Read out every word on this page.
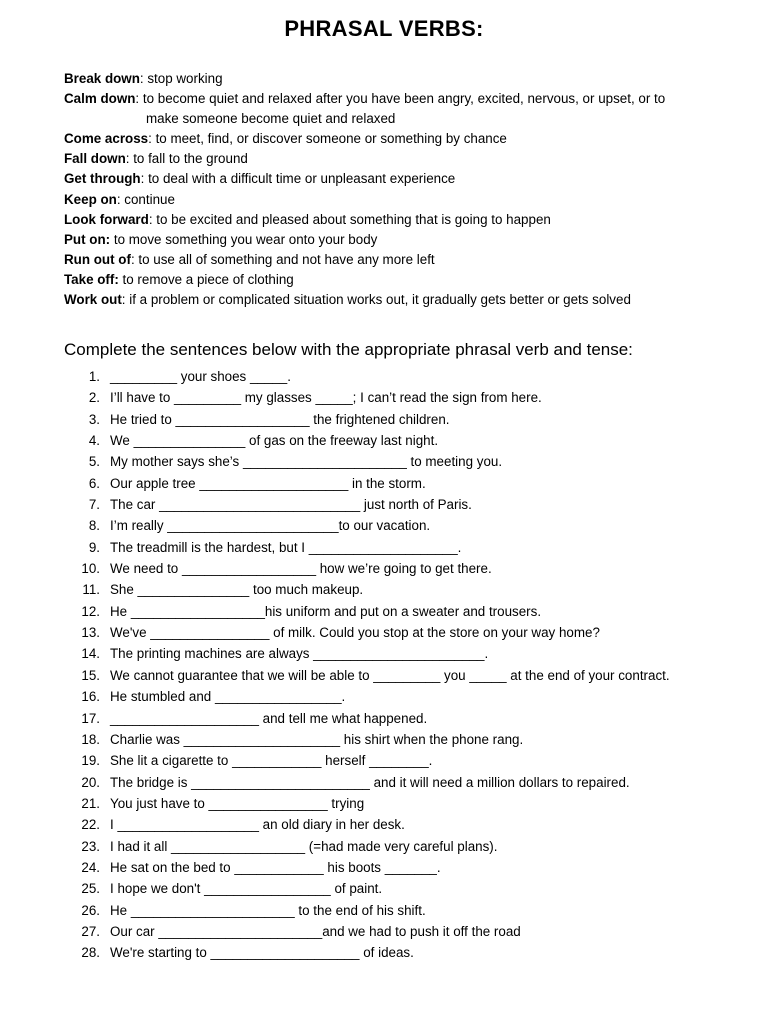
PHRASAL VERBS:
Break down: stop working
Calm down: to become quiet and relaxed after you have been angry, excited, nervous, or upset, or to
make someone become quiet and relaxed
Come across: to meet, find, or discover someone or something by chance
Fall down: to fall to the ground
Get through: to deal with a difficult time or unpleasant experience
Keep on: continue
Look forward: to be excited and pleased about something that is going to happen
Put on: to move something you wear onto your body
Run out of: to use all of something and not have any more left
Take off: to remove a piece of clothing
Work out: if a problem or complicated situation works out, it gradually gets better or gets solved
Complete the sentences below with the appropriate phrasal verb and tense:
1. _________ your shoes _____.
2. I’ll have to _________ my glasses _____; I can’t read the sign from here.
3. He tried to __________________ the frightened children.
4. We _______________ of gas on the freeway last night.
5. My mother says she’s ______________________ to meeting you.
6. Our apple tree ____________________ in the storm.
7. The car ___________________________ just north of Paris.
8. I’m really _______________________to our vacation.
9. The treadmill is the hardest, but I ____________________.
10. We need to __________________ how we’re going to get there.
11. She _______________ too much makeup.
12. He __________________his uniform and put on a sweater and trousers.
13. We've ________________ of milk. Could you stop at the store on your way home?
14. The printing machines are always _______________________.
15. We cannot guarantee that we will be able to _________ you _____ at the end of your contract.
16. He stumbled and _________________.
17. ____________________ and tell me what happened.
18. Charlie was _____________________ his shirt when the phone rang.
19. She lit a cigarette to ____________ herself ________.
20. The bridge is ________________________ and it will need a million dollars to repaired.
21. You just have to ________________ trying
22. I ___________________ an old diary in her desk.
23. I had it all __________________ (=had made very careful plans).
24. He sat on the bed to ____________ his boots _______.
25. I hope we don't _________________ of paint.
26. He ______________________ to the end of his shift.
27. Our car ______________________and we had to push it off the road
28. We're starting to ____________________ of ideas.
